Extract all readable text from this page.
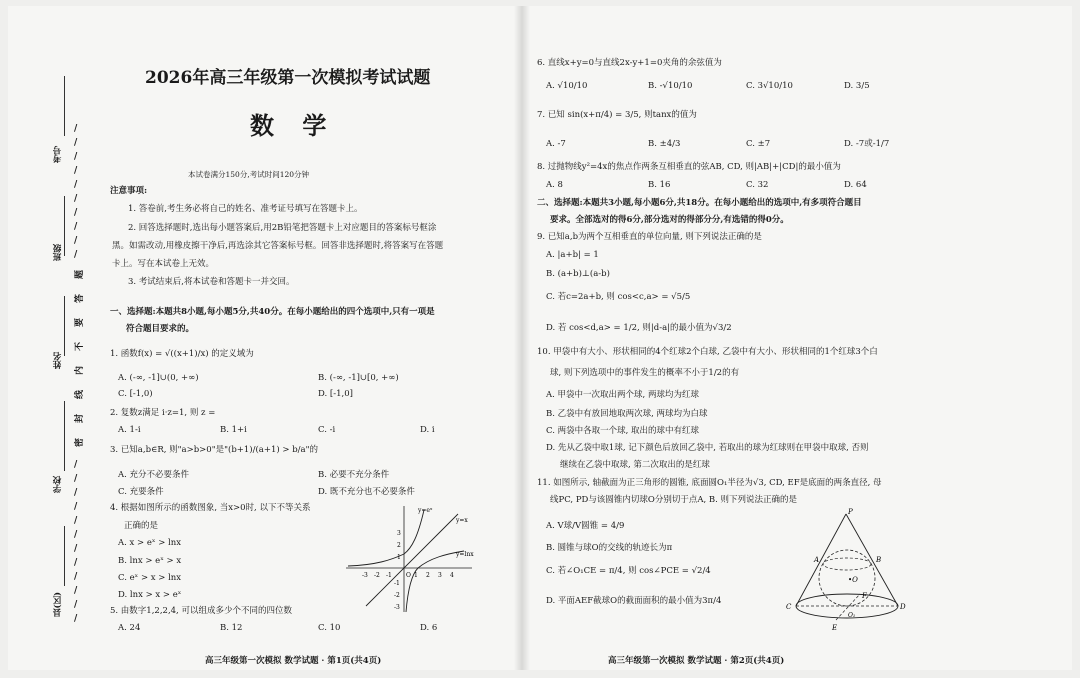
考号
班级
姓名
学校
县(区)
/
/
/
/
/
/
/
/
/
/
题
答
要
不
内
线
封
密
/
/
/
/
/
/
/
/
/
/
/
/
2026年高三年级第一次模拟考试试题
数 学
本试卷满分150分,考试时间120分钟
注意事项:
1. 答卷前,考生务必将自己的姓名、准考证号填写在答题卡上。
2. 回答选择题时,选出每小题答案后,用2B铅笔把答题卡上对应题目的答案标号框涂
黑。如需改动,用橡皮擦干净后,再选涂其它答案标号框。回答非选择题时,将答案写在答题
卡上。写在本试卷上无效。
3. 考试结束后,将本试卷和答题卡一并交回。
一、选择题:本题共8小题,每小题5分,共40分。在每小题给出的四个选项中,只有一项是
符合题目要求的。
1. 函数f(x) = √((x+1)/x) 的定义域为
A. (-∞, -1]∪(0, +∞)	B. (-∞, -1]∪[0, +∞)
C. [-1,0)	D. [-1,0]
2. 复数z满足 i·z=1, 则 z =
A. 1-i	B. 1+i	C. -i	D. i
3. 已知a,b∈R, 则"a>b>0"是"(b+1)/(a+1) > b/a"的
A. 充分不必要条件	B. 必要不充分条件
C. 充要条件	D. 既不充分也不必要条件
4. 根据如图所示的函数图象, 当x>0时, 以下不等关系
正确的是
A. x > eˣ > lnx
B. lnx > eˣ > x
C. eˣ > x > lnx
D. lnx > x > eˣ
-3 -2 -1	1 2 3 4
3
2
1
-1
-2
-3
y=eˣ
y=x
y=lnx
O
5. 由数字1,2,2,4, 可以组成多少个不同的四位数
A. 24	B. 12	C. 10	D. 6
高三年级第一次模拟 数学试题 · 第1页(共4页)
6. 直线x+y=0与直线2x-y+1=0夹角的余弦值为
A. √10/10	B. -√10/10	C. 3√10/10	D. 3/5
7. 已知 sin(x+π/4) = 3/5, 则tanx的值为
A. -7	B. ±4/3	C. ±7	D. -7或-1/7
8. 过抛物线y²=4x的焦点作两条互相垂直的弦AB, CD, 则|AB|+|CD|的最小值为
A. 8	B. 16	C. 32	D. 64
二、选择题:本题共3小题,每小题6分,共18分。在每小题给出的选项中,有多项符合题目
要求。全部选对的得6分,部分选对的得部分分,有选错的得0分。
9. 已知a,b为两个互相垂直的单位向量, 则下列说法正确的是
A. |a+b| = 1
B. (a+b)⊥(a-b)
C. 若c=2a+b, 则 cos<c,a> = √5/5
D. 若 cos<d,a> = 1/2, 则|d-a|的最小值为√3/2
10. 甲袋中有大小、形状相同的4个红球2个白球, 乙袋中有大小、形状相同的1个红球3个白
球, 则下列选项中的事件发生的概率不小于1/2的有
A. 甲袋中一次取出两个球, 两球均为红球
B. 乙袋中有放回地取两次球, 两球均为白球
C. 两袋中各取一个球, 取出的球中有红球
D. 先从乙袋中取1球, 记下颜色后放回乙袋中, 若取出的球为红球则在甲袋中取球, 否则
继续在乙袋中取球, 第二次取出的是红球
11. 如图所示, 轴截面为正三角形的圆锥, 底面圆O₁半径为√3, CD, EF是底面的两条直径, 母
线PC, PD与该圆锥内切球O分别切于点A, B. 则下列说法正确的是
A. V球/V圆锥 = 4/9
B. 圆锥与球O的交线的轨迹长为π
C. 若∠O₁CE = π/4, 则 cos∠PCE = √2/4
D. 平面AEF截球O的截面面积的最小值为3π/4
P
A	B
•O
C	D
E
F
O₁
高三年级第一次模拟 数学试题 · 第2页(共4页)
